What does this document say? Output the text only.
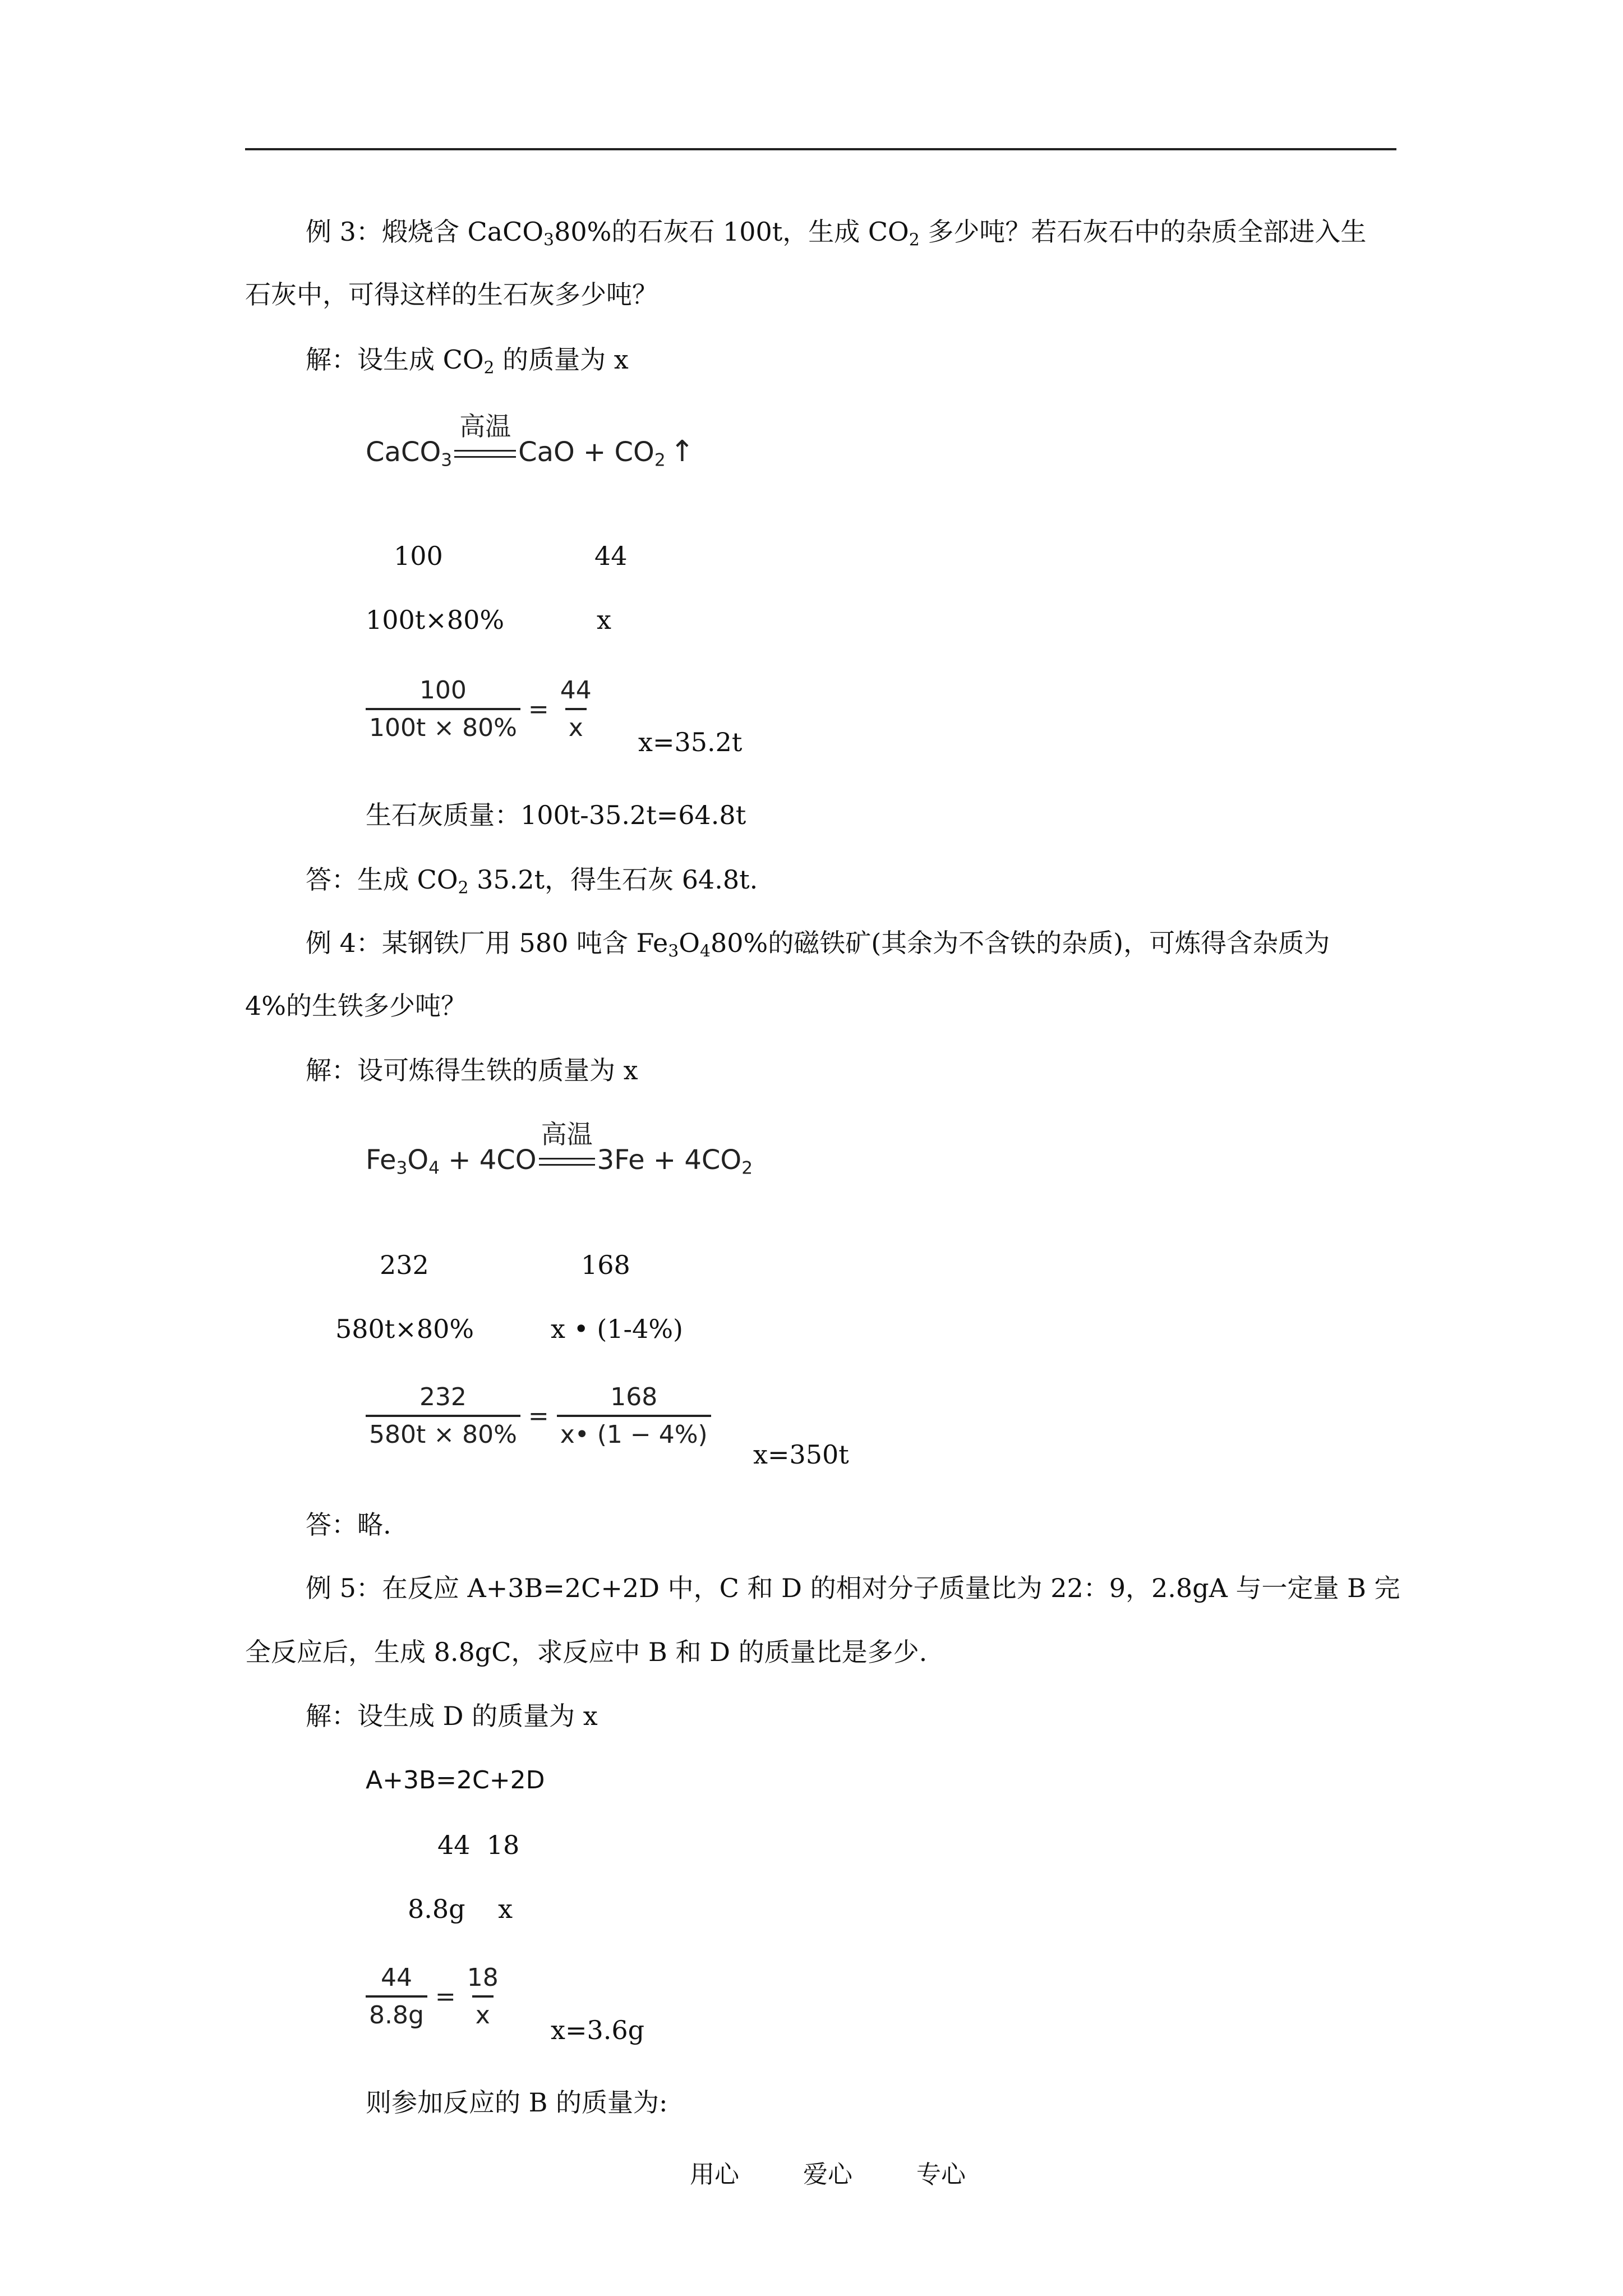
例 3：煅烧含 CaCO$_3$80%的石灰石 100t，生成 $CO_2$ 多少吨？若石灰石中的杂质全部进入生
石灰中，可得这样的生石灰多少吨？
解：设生成 $CO_2$ 的质量为 x
CaCO$_3$
高温
CaO + $CO_2$ ↑
100	44
100t×80%	x
$\frac{100}{100t \times 80\%} = \frac{44}{x} x=35.2t$
生石灰质量：100t-35.2t=64.8t
答：生成 $CO_2$ 35.2t，得生石灰 64.8t.
例 4：某钢铁厂用 580 吨含 $Fe_3O_480\%$的磁铁矿(其余为不含铁的杂质)，可炼得含杂质为
4%的生铁多少吨？
解：设可炼得生铁的质量为 x
$Fe_3O_4 + 4CO$
高温
$3Fe + 4CO_2$
232	168
580t×80%	x • (1-4%)
$\frac{232}{580t \times 80\%} = \frac{168}{x• (1 - 4\%)}$
x=350t
答：略.
例 5：在反应 A+3B=2C+2D 中，C 和 D 的相对分子质量比为 22：9，2.8gA 与一定量 B 完
全反应后，生成 8.8gC，求反应中 B 和 D 的质量比是多少.
解：设生成 D 的质量为 x
A+3B=2C+2D
44  18
8.8g    x
$\frac{44}{8.8g} = \frac{18}{x}$
x=3.6g
则参加反应的 B 的质量为:
用心	爱心	专心
